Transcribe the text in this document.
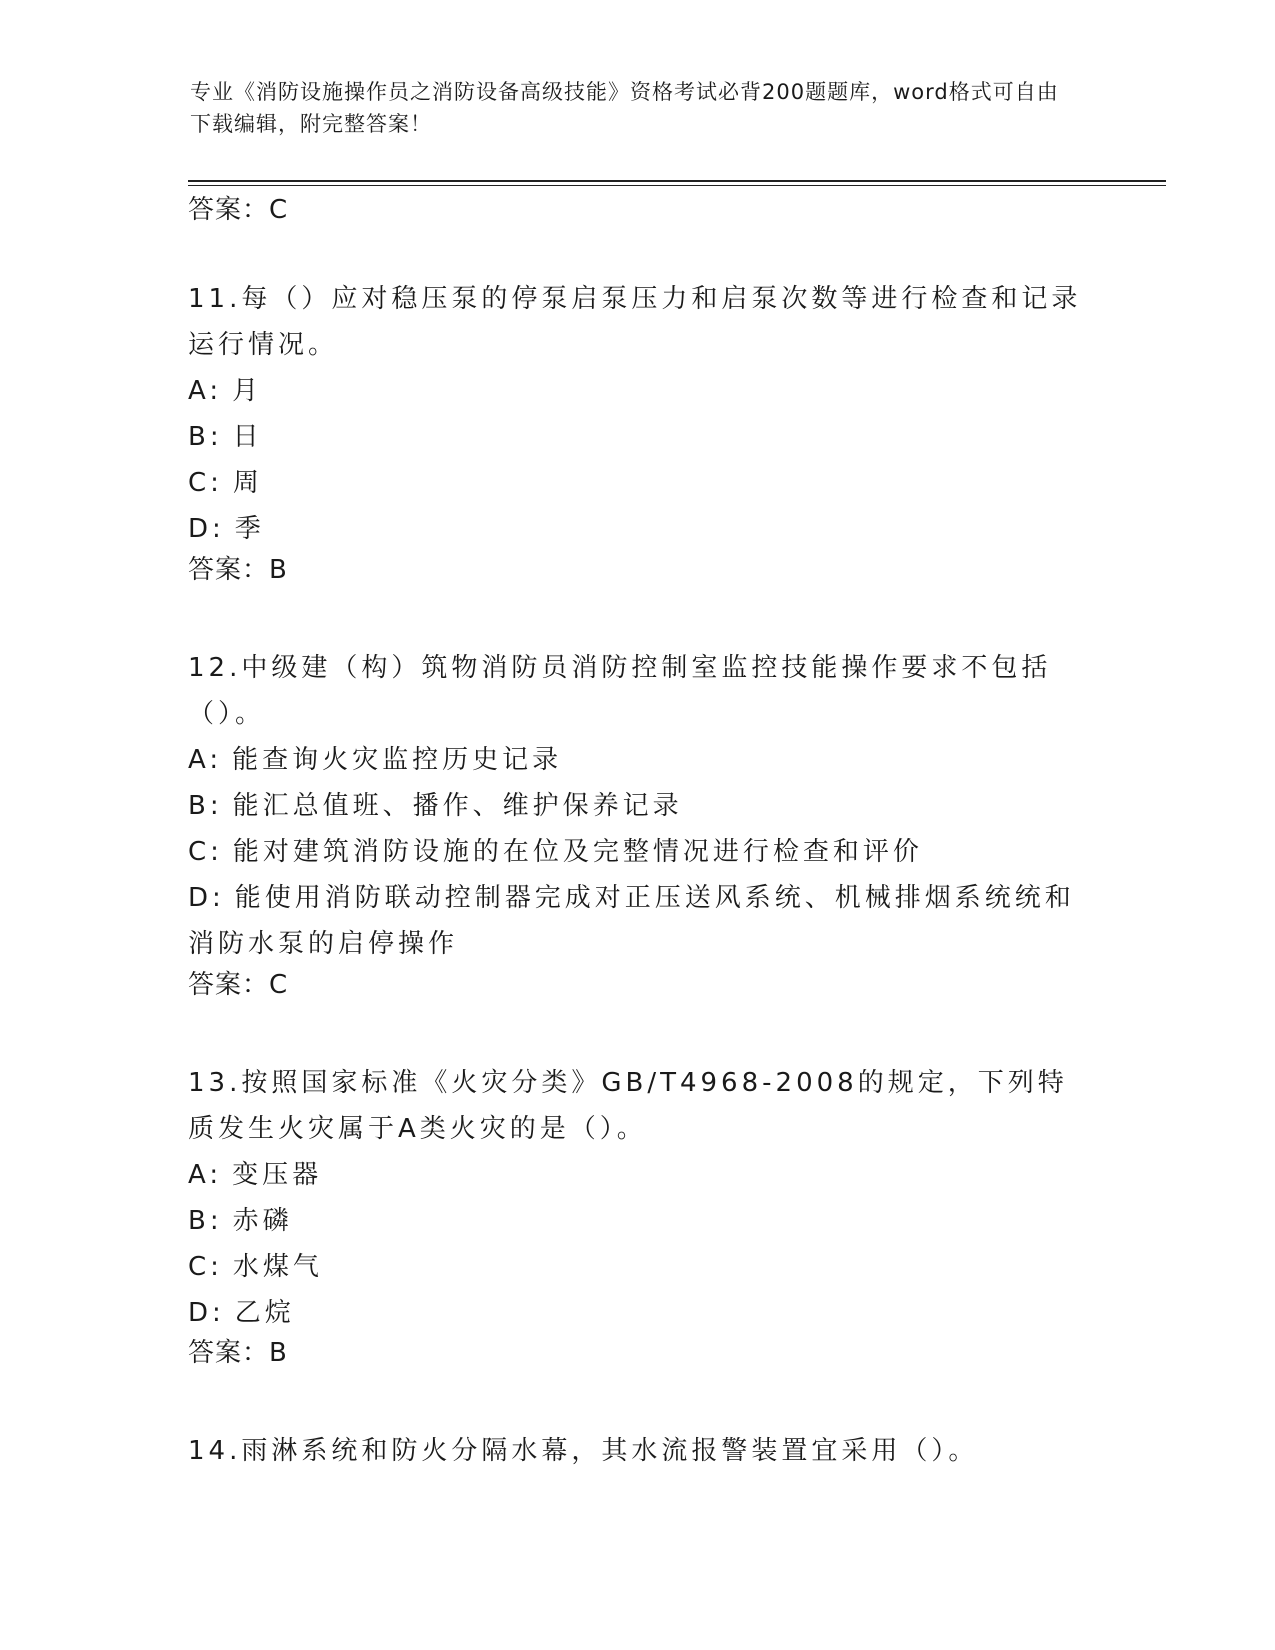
专业《消防设施操作员之消防设备高级技能》资格考试必背200题题库，word格式可自由下载编辑，附完整答案！
答案：C
11.每（）应对稳压泵的停泵启泵压力和启泵次数等进行检查和记录运行情况。
A: 月
B: 日
C: 周
D: 季
答案：B
12.中级建（构）筑物消防员消防控制室监控技能操作要求不包括（）。
A: 能查询火灾监控历史记录
B: 能汇总值班、播作、维护保养记录
C: 能对建筑消防设施的在位及完整情况进行检查和评价
D: 能使用消防联动控制器完成对正压送风系统、机械排烟系统统和消防水泵的启停操作
答案：C
13.按照国家标准《火灾分类》GB/T4968-2008的规定，下列特质发生火灾属于A类火灾的是（）。
A: 变压器
B: 赤磷
C: 水煤气
D: 乙烷
答案：B
14.雨淋系统和防火分隔水幕，其水流报警装置宜采用（）。
